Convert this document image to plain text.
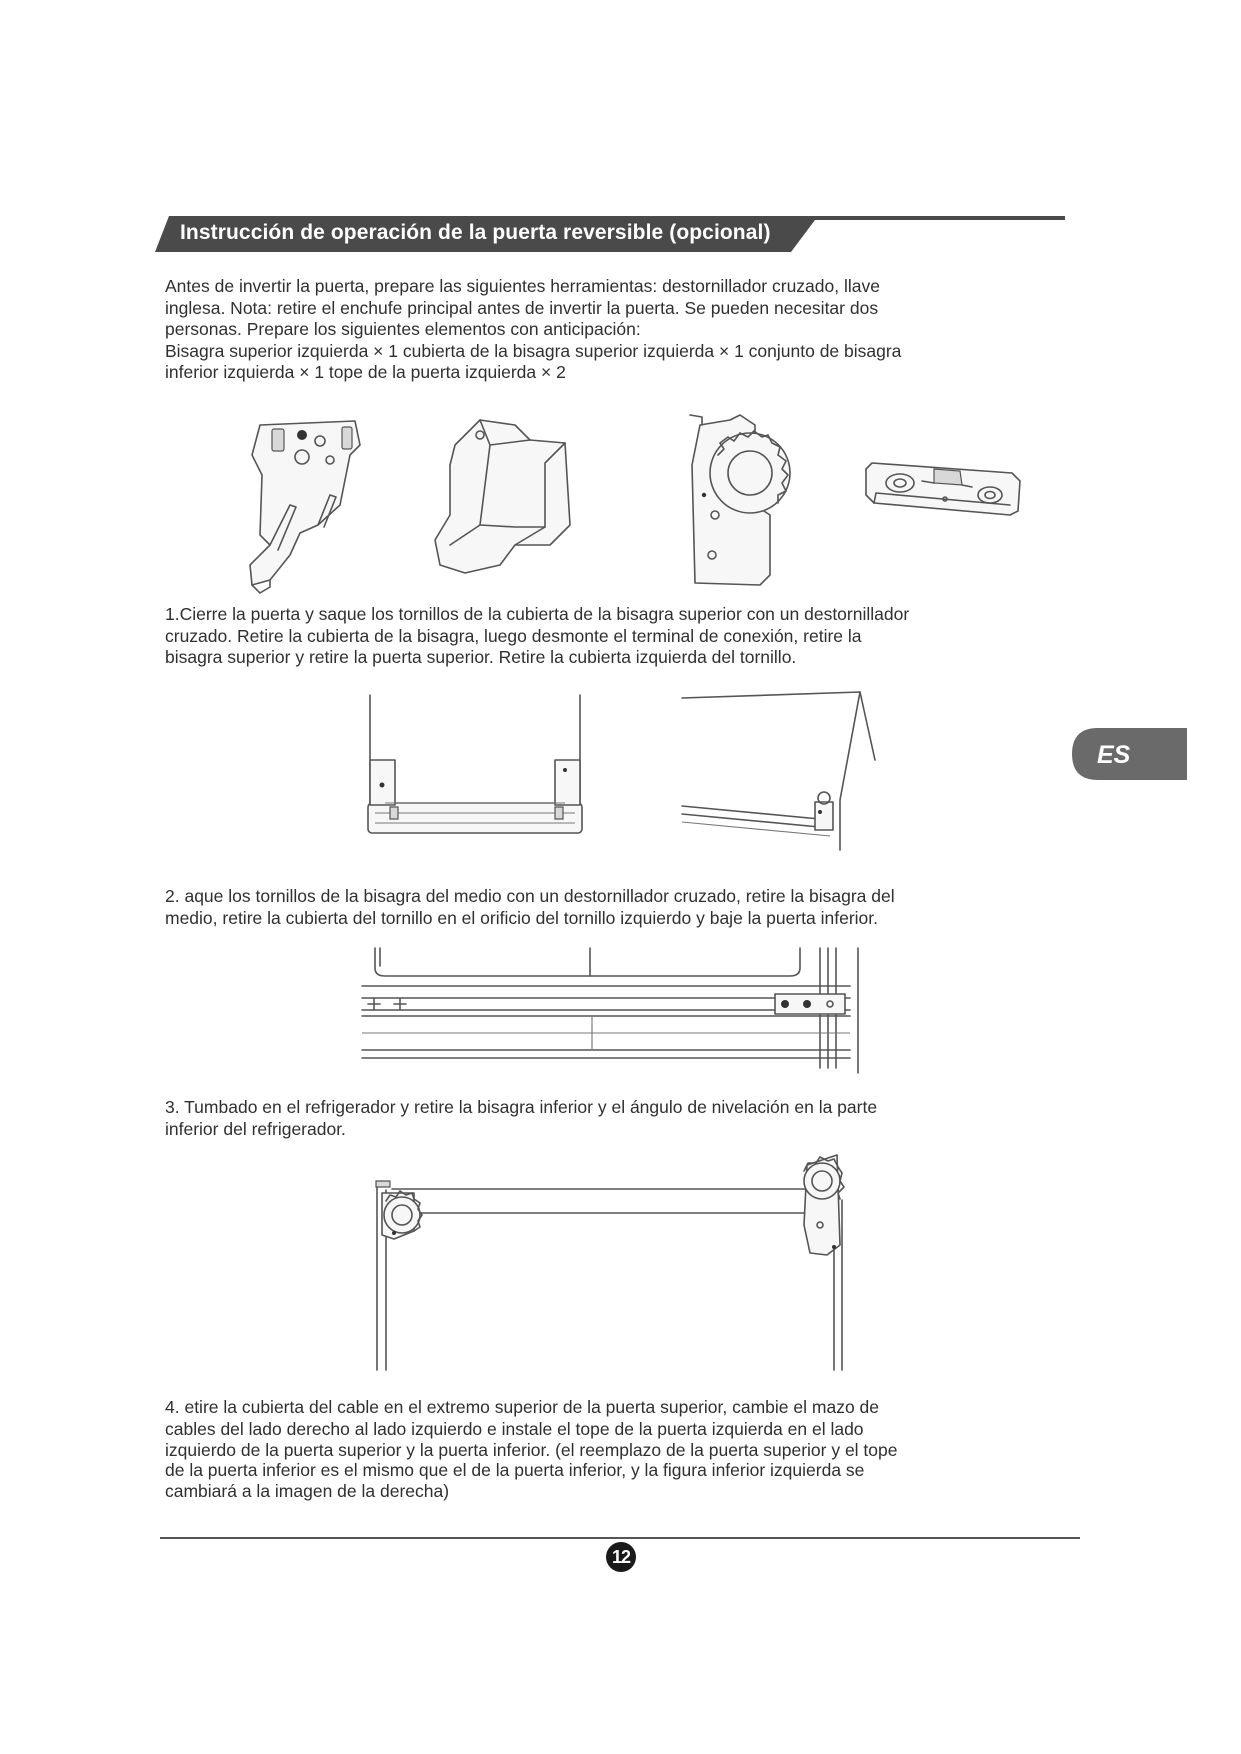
Instrucción de operación de la puerta reversible (opcional)
Antes de invertir la puerta, prepare las siguientes herramientas: destornillador cruzado, llave
inglesa. Nota: retire el enchufe principal antes de invertir la puerta. Se pueden necesitar dos
personas. Prepare los siguientes elementos con anticipación:
Bisagra superior izquierda × 1 cubierta de la bisagra superior izquierda × 1 conjunto de bisagra
inferior izquierda × 1 tope de la puerta izquierda × 2
1.Cierre la puerta y saque los tornillos de la cubierta de la bisagra superior con un destornillador
cruzado. Retire la cubierta de la bisagra, luego desmonte el terminal de conexión, retire la
bisagra superior y retire la puerta superior. Retire la cubierta izquierda del tornillo.
2. aque los tornillos de la bisagra del medio con un destornillador cruzado, retire la bisagra del
medio, retire la cubierta del tornillo en el orificio del tornillo izquierdo y baje la puerta inferior.
3. Tumbado en el refrigerador y retire la bisagra inferior y el ángulo de nivelación en la parte
inferior del refrigerador.
4. etire la cubierta del cable en el extremo superior de la puerta superior, cambie el mazo de
cables del lado derecho al lado izquierdo e instale el tope de la puerta izquierda en el lado
izquierdo de la puerta superior y la puerta inferior. (el reemplazo de la puerta superior y el tope
de la puerta inferior es el mismo que el de la puerta inferior, y la figura inferior izquierda se
cambiará a la imagen de la derecha)
ES
12
